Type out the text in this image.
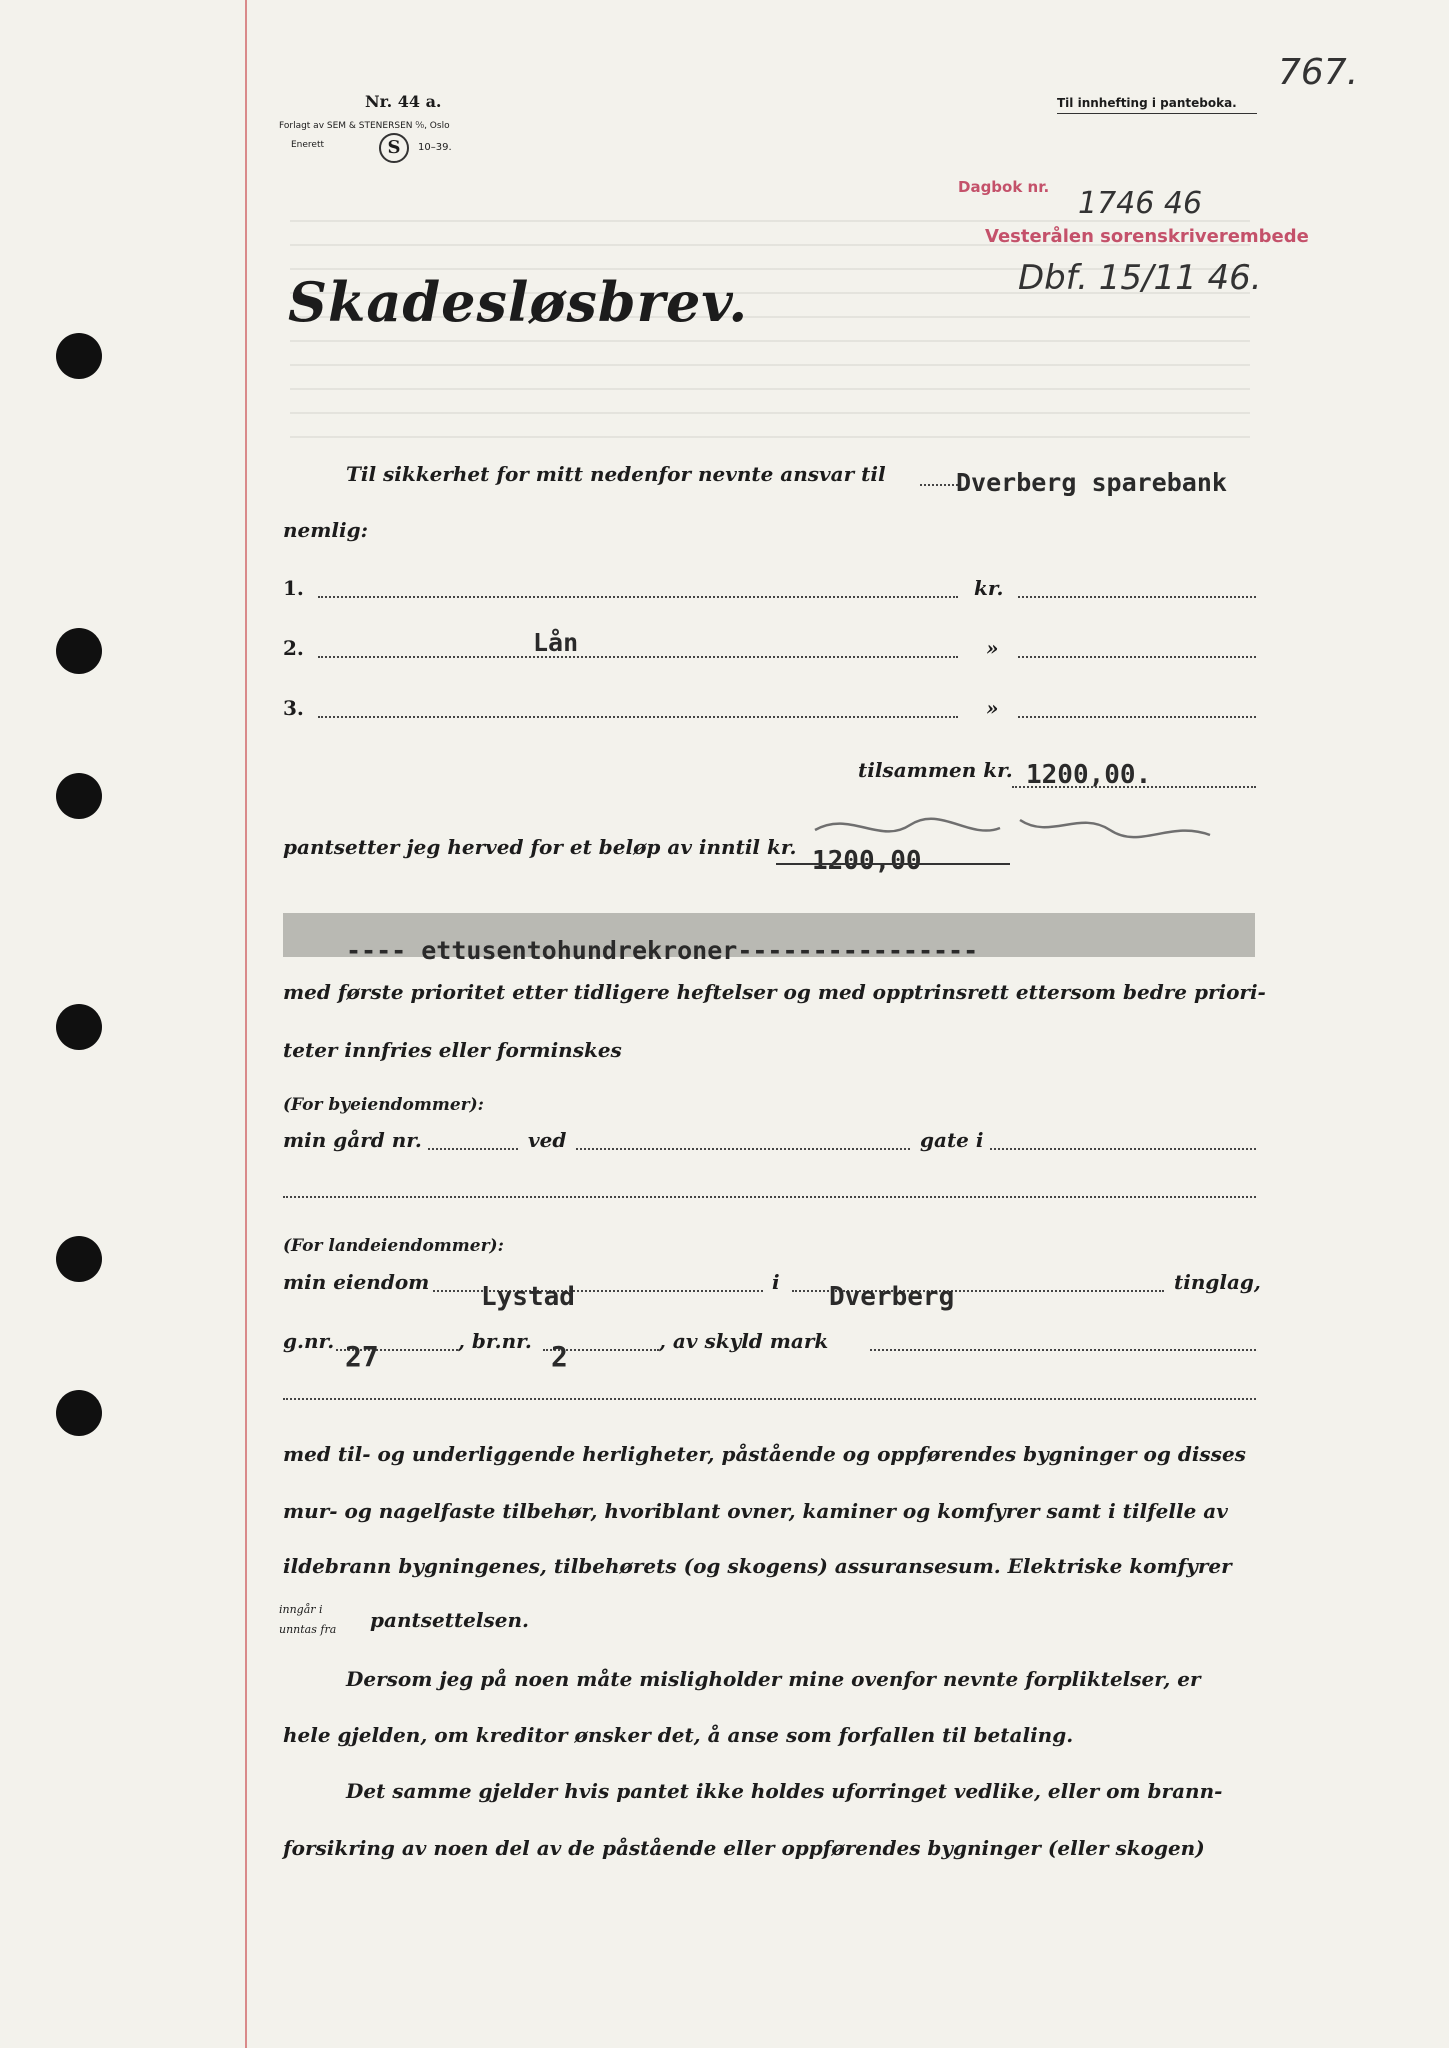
Nr. 44 a.
Forlagt av SEM & STENERSEN ⁰⁄₀, Oslo
Enerett	S	10–39.
Til innhefting i panteboka.
767.
Dagbok nr. 1746 46
Vesterålen sorenskriverembede
Dbf. 15/11 46.
Skadesløsbrev.
Til sikkerhet for mitt nedenfor nevnte ansvar til	Dverberg sparebank
nemlig:
1.	kr.
2.	Lån	»
3.	»
tilsammen kr. 1200,00.
pantsetter jeg herved for et beløp av inntil kr. 1200,00
---- ettusentohundrekroner----------------
med første prioritet etter tidligere heftelser og med opptrinsrett ettersom bedre priori-
teter innfries eller forminskes
(For byeiendommer):
min gård nr.	ved	gate i
(For landeiendommer):
min eiendom Lystad	i Dverberg	tinglag,
g.nr. 27	, br.nr. 2	, av skyld mark
med til- og underliggende herligheter, påstående og oppførendes bygninger og disses
mur- og nagelfaste tilbehør, hvoriblant ovner, kaminer og komfyrer samt i tilfelle av
ildebrann bygningenes, tilbehørets (og skogens) assuransesum. Elektriske komfyrer
inngår i
unntas fra pantsettelsen.
Dersom jeg på noen måte misligholder mine ovenfor nevnte forpliktelser, er
hele gjelden, om kreditor ønsker det, å anse som forfallen til betaling.
Det samme gjelder hvis pantet ikke holdes uforringet vedlike, eller om brann-
forsikring av noen del av de påstående eller oppførendes bygninger (eller skogen)
